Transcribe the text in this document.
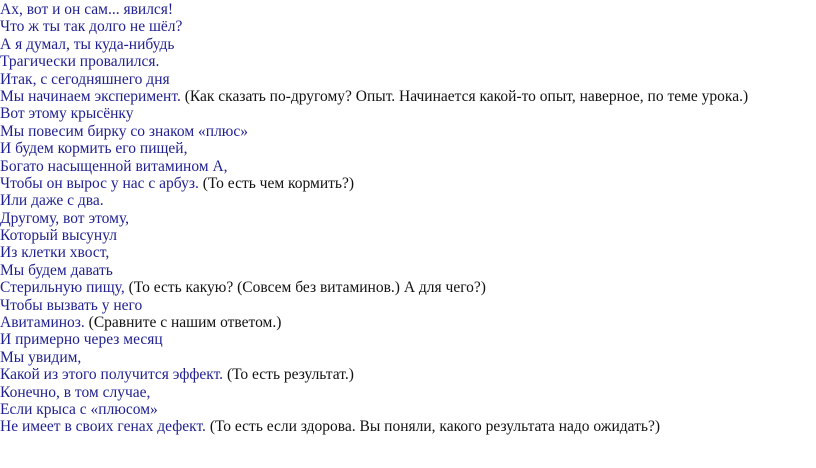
Ах, вот и он сам... явился!
Что ж ты так долго не шёл?
А я думал, ты куда-нибудь
Трагически провалился.
Итак, с сегодняшнего дня
Мы начинаем эксперимент. (Как сказать по-другому? Опыт. Начинается какой-то опыт, наверное, по теме урока.)
Вот этому крысёнку
Мы повесим бирку со знаком «плюс»
И будем кормить его пищей,
Богато насыщенной витамином А,
Чтобы он вырос у нас с арбуз. (То есть чем кормить?)
Или даже с два.
Другому, вот этому,
Который высунул
Из клетки хвост,
Мы будем давать
Стерильную пищу, (То есть какую? (Совсем без витаминов.) А для чего?)
Чтобы вызвать у него
Авитаминоз. (Сравните с нашим ответом.)
И примерно через месяц
Мы увидим,
Какой из этого получится эффект. (То есть результат.)
Конечно, в том случае,
Если крыса с «плюсом»
Не имеет в своих генах дефект. (То есть если здорова. Вы поняли, какого результата надо ожидать?)
